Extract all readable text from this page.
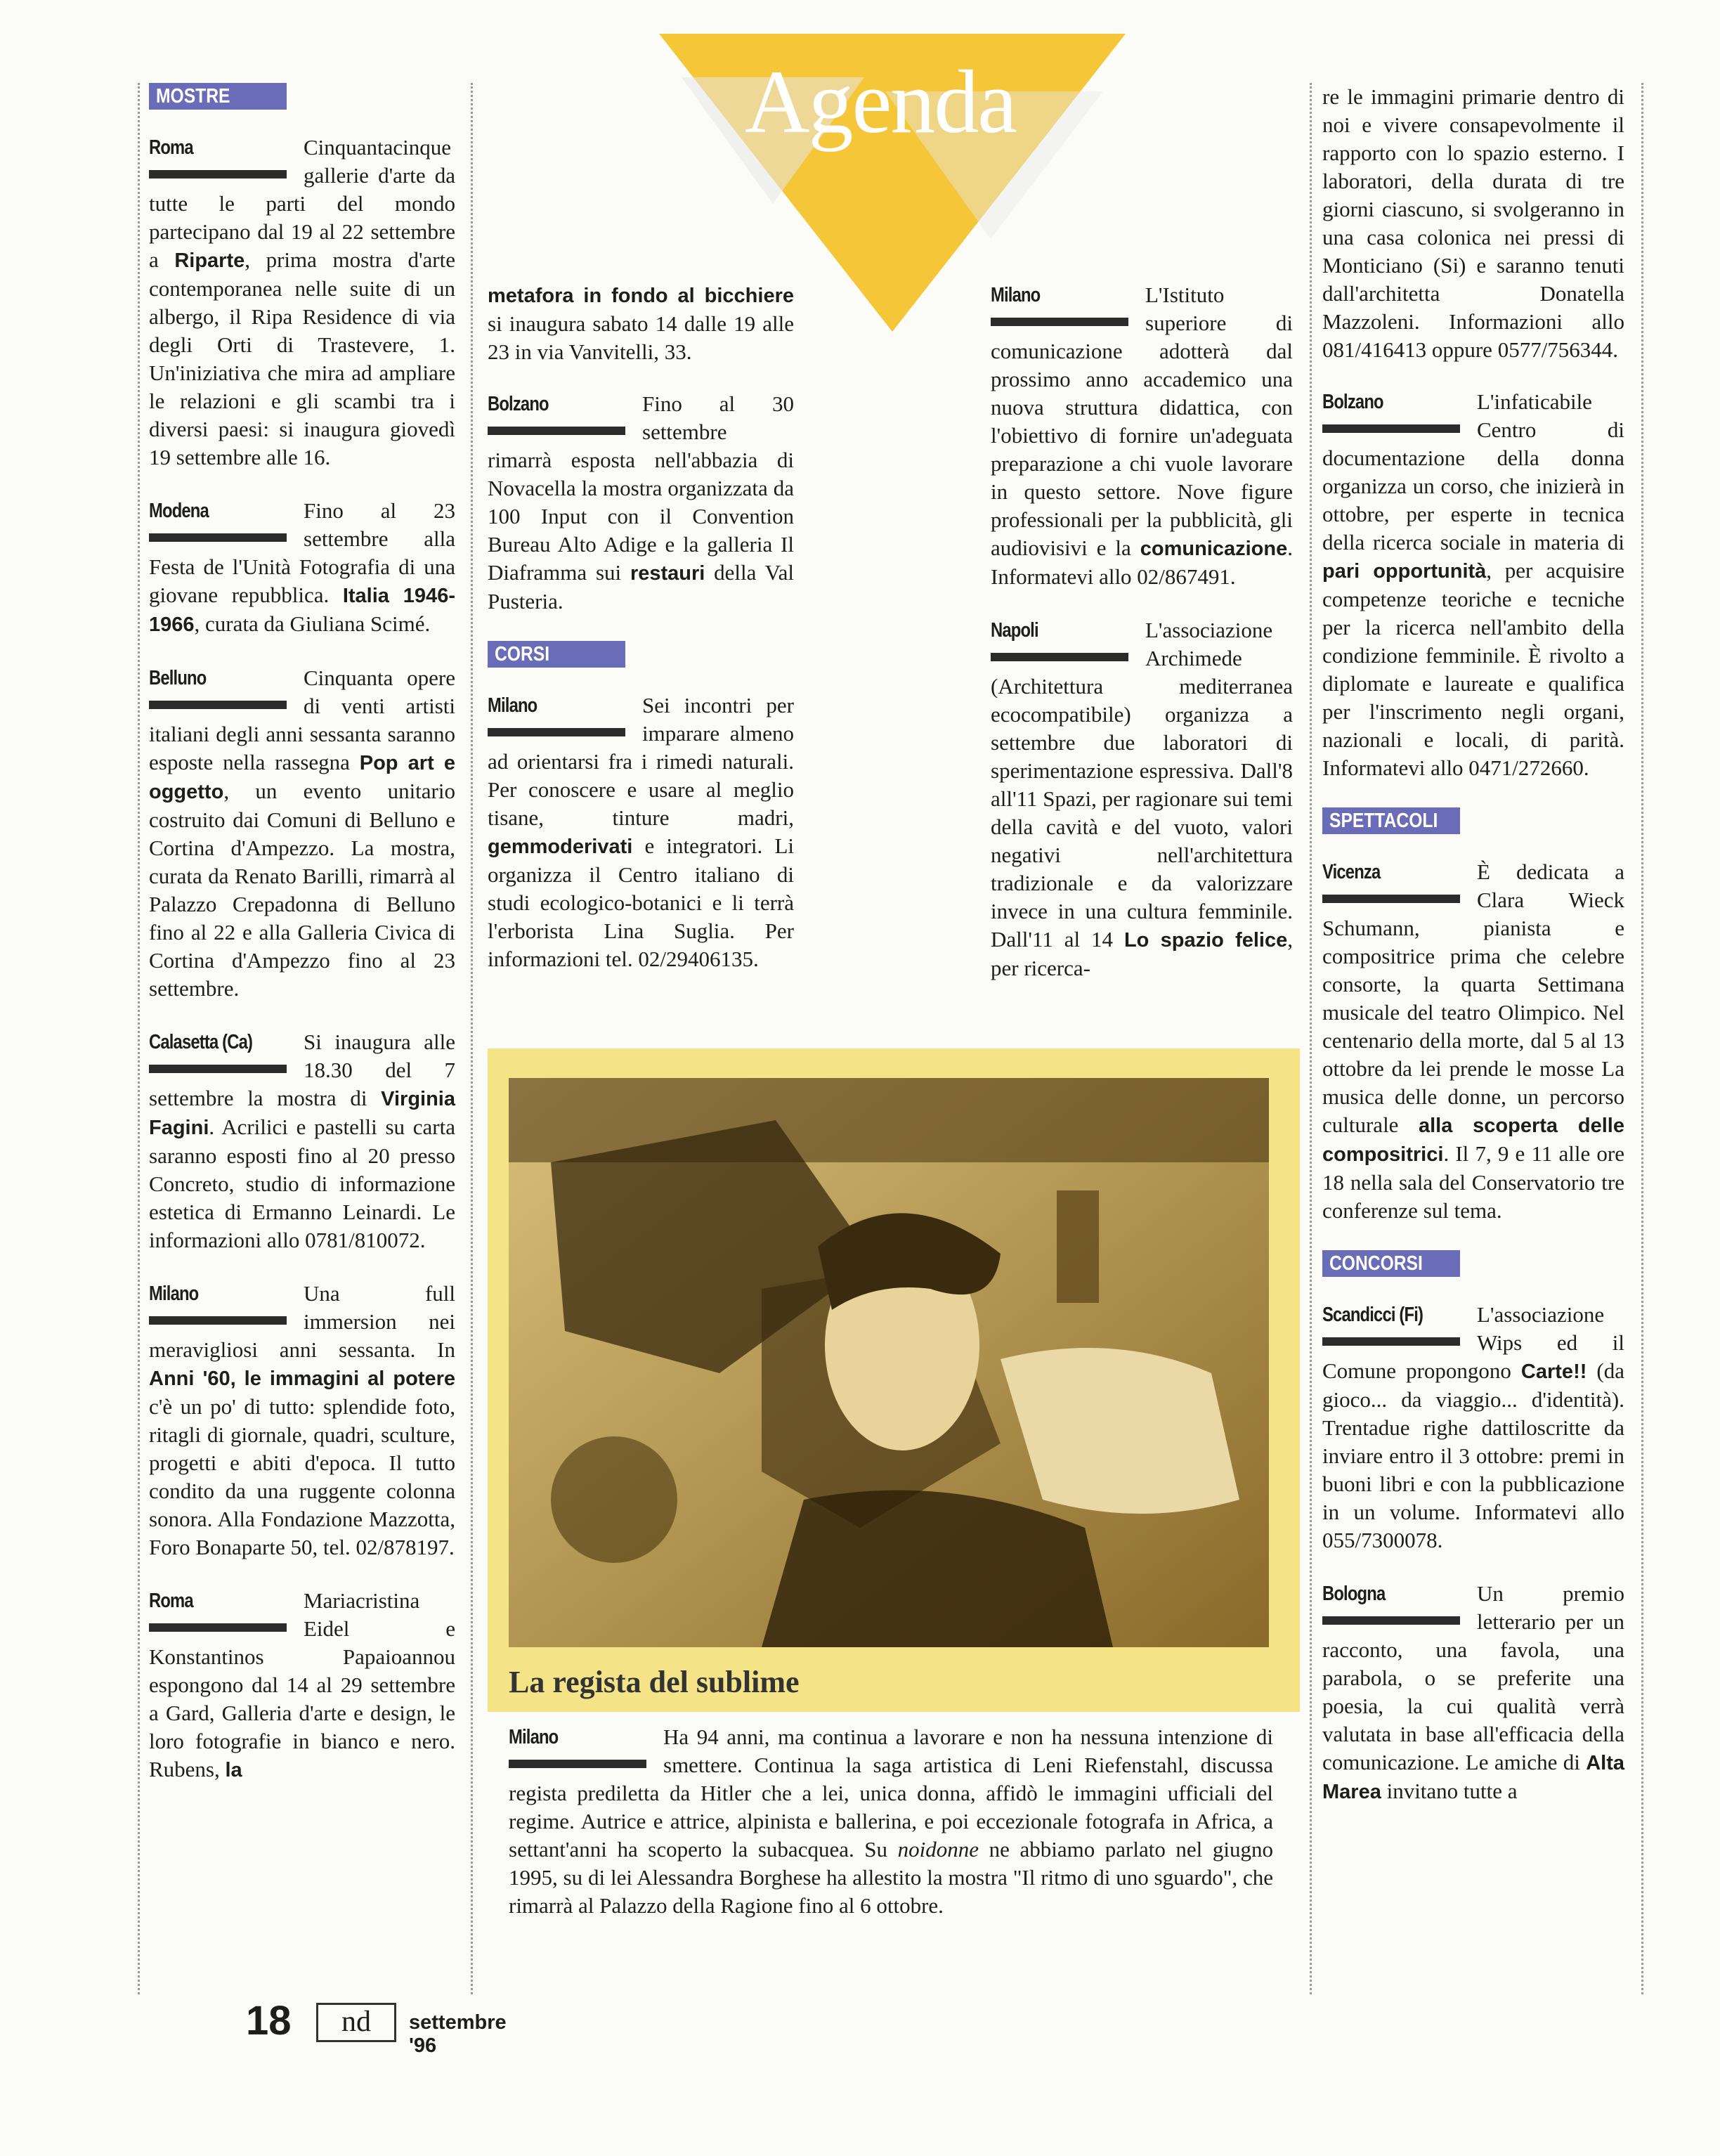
Agenda
MOSTRE
Roma	Cinquantacinque gallerie d'arte da tutte le parti del mondo partecipano dal 19 al 22 settembre a Riparte, prima mostra d'arte contemporanea nelle suite di un albergo, il Ripa Residence di via degli Orti di Trastevere, 1. Un'iniziativa che mira ad ampliare le relazioni e gli scambi tra i diversi paesi: si inaugura giovedì 19 settembre alle 16.
Modena	Fino al 23 settembre alla Festa de l'Unità Fotografia di una giovane repubblica. Italia 1946-1966, curata da Giuliana Scimé.
Belluno	Cinquanta opere di venti artisti italiani degli anni sessanta saranno esposte nella rassegna Pop art e oggetto, un evento unitario costruito dai Comuni di Belluno e Cortina d'Ampezzo. La mostra, curata da Renato Barilli, rimarrà al Palazzo Crepadonna di Belluno fino al 22 e alla Galleria Civica di Cortina d'Ampezzo fino al 23 settembre.
Calasetta (Ca)	Si inaugura alle 18.30 del 7 settembre la mostra di Virginia Fagini. Acrilici e pastelli su carta saranno esposti fino al 20 presso Concreto, studio di informazione estetica di Ermanno Leinardi. Le informazioni allo 0781/810072.
Milano	Una full immersion nei meravigliosi anni sessanta. In Anni '60, le immagini al potere c'è un po' di tutto: splendide foto, ritagli di giornale, quadri, sculture, progetti e abiti d'epoca. Il tutto condito da una ruggente colonna sonora. Alla Fondazione Mazzotta, Foro Bonaparte 50, tel. 02/878197.
Roma	Mariacristina Eidel e Konstantinos Papaioannou espongono dal 14 al 29 settembre a Gard, Galleria d'arte e design, le loro fotografie in bianco e nero. Rubens, la
metafora in fondo al bicchiere si inaugura sabato 14 dalle 19 alle 23 in via Vanvitelli, 33.
Bolzano	Fino al 30 settembre rimarrà esposta nell'abbazia di Novacella la mostra organizzata da 100 Input con il Convention Bureau Alto Adige e la galleria Il Diaframma sui restauri della Val Pusteria.
CORSI
Milano	Sei incontri per imparare almeno ad orientarsi fra i rimedi naturali. Per conoscere e usare al meglio tisane, tinture madri, gemmoderivati e integratori. Li organizza il Centro italiano di studi ecologico-botanici e li terrà l'erborista Lina Suglia. Per informazioni tel. 02/29406135.
Milano	L'Istituto superiore di comunicazione adotterà dal prossimo anno accademico una nuova struttura didattica, con l'obiettivo di fornire un'adeguata preparazione a chi vuole lavorare in questo settore. Nove figure professionali per la pubblicità, gli audiovisivi e la comunicazione. Informatevi allo 02/867491.
Napoli	L'associazione Archimede (Architettura mediterranea ecocompatibile) organizza a settembre due laboratori di sperimentazione espressiva. Dall'8 all'11 Spazi, per ragionare sui temi della cavità e del vuoto, valori negativi nell'architettura tradizionale e da valorizzare invece in una cultura femminile. Dall'11 al 14 Lo spazio felice, per ricerca-
re le immagini primarie dentro di noi e vivere consapevolmente il rapporto con lo spazio esterno. I laboratori, della durata di tre giorni ciascuno, si svolgeranno in una casa colonica nei pressi di Monticiano (Si) e saranno tenuti dall'architetta Donatella Mazzoleni. Informazioni allo 081/416413 oppure 0577/756344.
Bolzano	L'infaticabile Centro di documentazione della donna organizza un corso, che inizierà in ottobre, per esperte in tecnica della ricerca sociale in materia di pari opportunità, per acquisire competenze teoriche e tecniche per la ricerca nell'ambito della condizione femminile. È rivolto a diplomate e laureate e qualifica per l'inscrimento negli organi, nazionali e locali, di parità. Informatevi allo 0471/272660.
SPETTACOLI
Vicenza	È dedicata a Clara Wieck Schumann, pianista e compositrice prima che celebre consorte, la quarta Settimana musicale del teatro Olimpico. Nel centenario della morte, dal 5 al 13 ottobre da lei prende le mosse La musica delle donne, un percorso culturale alla scoperta delle compositrici. Il 7, 9 e 11 alle ore 18 nella sala del Conservatorio tre conferenze sul tema.
CONCORSI
Scandicci (Fi)	L'associazione Wips ed il Comune propongono Carte!! (da gioco... da viaggio... d'identità). Trentadue righe dattiloscritte da inviare entro il 3 ottobre: premi in buoni libri e con la pubblicazione in un volume. Informatevi allo 055/7300078.
Bologna	Un premio letterario per un racconto, una favola, una parabola, o se preferite una poesia, la cui qualità verrà valutata in base all'efficacia della comunicazione. Le amiche di Alta Marea invitano tutte a
La regista del sublime
Milano	Ha 94 anni, ma continua a lavorare e non ha nessuna intenzione di smettere. Continua la saga artistica di Leni Riefenstahl, discussa regista prediletta da Hitler che a lei, unica donna, affidò le immagini ufficiali del regime. Autrice e attrice, alpinista e ballerina, e poi eccezionale fotografa in Africa, a settant'anni ha scoperto la subacquea. Su noidonne ne abbiamo parlato nel giugno 1995, su di lei Alessandra Borghese ha allestito la mostra "Il ritmo di uno sguardo", che rimarrà al Palazzo della Ragione fino al 6 ottobre.
18	nd	settembre '96
